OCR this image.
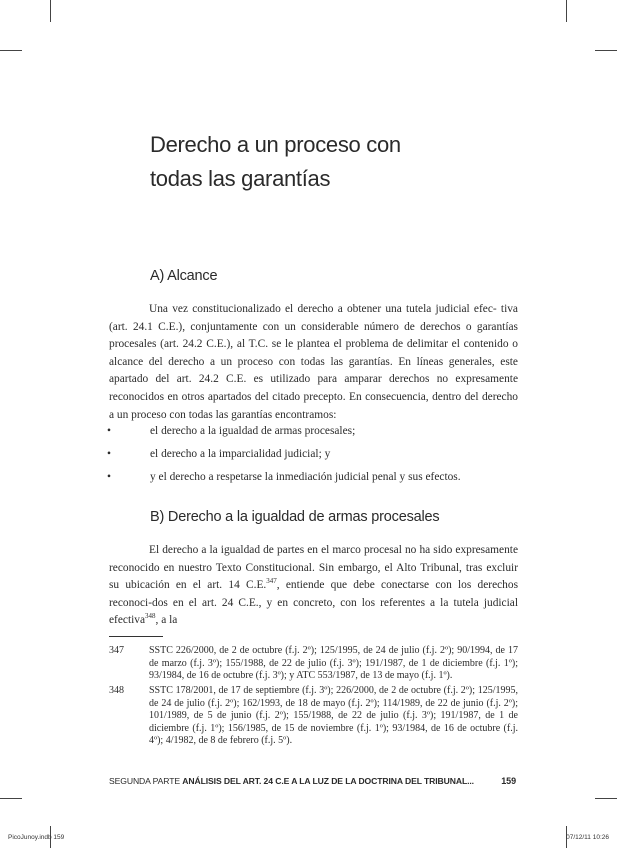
Derecho a un proceso con
todas las garantías
A) Alcance

Una vez constitucionalizado el derecho a obtener una tutela judicial efec- tiva (art. 24.1 C.E.), conjuntamente con un considerable número de derechos o garantías procesales (art. 24.2 C.E.), al T.C. se le plantea el problema de delimitar el contenido o alcance del derecho a un proceso con todas las garantías. En líneas generales, este apartado del art. 24.2 C.E. es utilizado para amparar derechos no expresamente reconocidos en otros apartados del citado precepto. En consecuencia, dentro del derecho a un proceso con todas las garantías encontramos:

•	el derecho a la igualdad de armas procesales;
•	el derecho a la imparcialidad judicial; y
•	y el derecho a respetarse la inmediación judicial penal y sus efectos.
B) Derecho a la igualdad de armas procesales

El derecho a la igualdad de partes en el marco procesal no ha sido expresamente reconocido en nuestro Texto Constitucional. Sin embargo, el Alto Tribunal, tras excluir su ubicación en el art. 14 C.E.$^{347}$, entiende que debe conectarse con los derechos reconoci-dos en el art. 24 C.E., y en concreto, con los referentes a la tutela judicial efectiva$^{348}$, a la

347	SSTC 226/2000, de 2 de octubre (f.j. 2º); 125/1995, de 24 de julio (f.j. 2º); 90/1994, de 17 de marzo (f.j. 3º); 155/1988, de 22 de julio (f.j. 3º); 191/1987, de 1 de diciembre (f.j. 1º); 93/1984, de 16 de octubre (f.j. 3º); y ATC 553/1987, de 13 de mayo (f.j. 1º).
348	SSTC 178/2001, de 17 de septiembre (f.j. 3º); 226/2000, de 2 de octubre (f.j. 2º); 125/1995, de 24 de julio (f.j. 2º); 162/1993, de 18 de mayo (f.j. 2º); 114/1989, de 22 de junio (f.j. 2º); 101/1989, de 5 de junio (f.j. 2º); 155/1988, de 22 de julio (f.j. 3º); 191/1987, de 1 de diciembre (f.j. 1º); 156/1985, de 15 de noviembre (f.j. 1º); 93/1984, de 16 de octubre (f.j. 4º); 4/1982, de 8 de febrero (f.j. 5º).
SEGUNDA PARTE ANÁLISIS DEL ART. 24 C.E A LA LUZ DE LA DOCTRINA DEL TRIBUNAL...	159
PicoJunoy.indb 159	07/12/11 10:26
